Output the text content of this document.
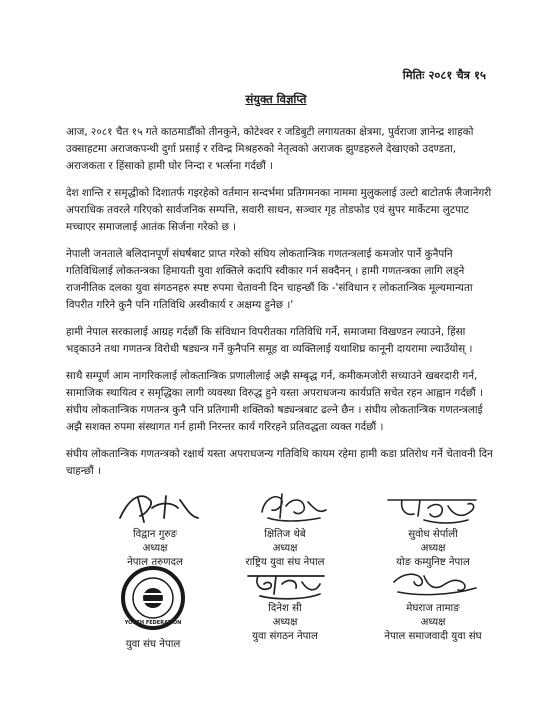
मितिः २०८१ चैत्र १५
संयुक्त विज्ञप्ति

आज, २०८१ चैत १५ गते काठमाडौँको तीनकुने, कोटेश्वर र जडिबुटी लगायतका क्षेत्रमा, पुर्वराजा ज्ञानेन्द्र शाहको उक्साहटमा अराजकपन्थी दुर्गा प्रसाई र रविन्द्र मिश्रहरुको नेतृत्वको अराजक झुण्डहरुले देखाएको उदण्डता, अराजकता र हिंसाको हामी घोर निन्दा र भर्त्सना गर्दछौं ।

देश शान्ति र समृद्धीको दिशातर्फ गइरहेको वर्तमान सन्दर्भमा प्रतिगमनका नाममा मुलुकलाई उल्टो बाटोतर्फ लैजानेगरी अपराधिक तवरले गरिएको सार्वजनिक सम्पत्ति, सवारी साधन, सञ्चार गृह तोडफोड एवं सुपर मार्केटमा लुटपाट मच्चाएर समाजलाई आतंक सिर्जना गरेको छ ।

नेपाली जनताले बलिदानपूर्ण संघर्षबाट प्राप्त गरेको संघिय लोकतान्त्रिक गणतन्त्रलाई कमजोर पार्ने कुनैपनि गतिविधिलाई लोकतन्त्रका हिमायती युवा शक्तिले कदापि स्वीकार गर्न सक्दैनन् । हामी गणतन्त्रका लागि लड्ने राजनीतिक दलका युवा संगठनहरु स्पष्ट रुपमा चेतावनी दिन चाहन्छौं कि -'संविधान र लोकतान्त्रिक मूल्यमान्यता विपरीत गरिने कुनै पनि गतिविधि अस्वीकार्य र अक्षम्य हुनेछ ।'

हामी नेपाल सरकालाई आग्रह गर्दछौं कि संविधान विपरीतका गतिविधि गर्ने, समाजमा विखण्डन ल्याउने, हिंसा भड्काउने तथा गणतन्त्र विरोधी षड्यन्त्र गर्ने कुनैपनि समूह वा व्यक्तिलाई यथाशिघ्र कानूनी दायरामा ल्याउँयोस् ।

साथै सम्पूर्ण आम नागरिकलाई लोकतान्त्रिक प्रणालीलाई अझै सम्बृद्ध गर्न, कमीकमजोरी सच्याउने खबरदारी गर्न, सामाजिक स्थायित्व र समृद्धिका लागी व्यवस्था विरुद्ध हुने यस्ता अपराधजन्य कार्यप्रति सचेत रहन आह्वान गर्दछौं । संघीय लोकतान्त्रिक गणतन्त्र कुनै पनि प्रतिगामी शक्तिको षड्यन्त्रबाट ढल्ने छैन । संघीय लोकतान्त्रिक गणतन्त्रलाई अझै सशक्त रुपमा संस्थागत गर्न हामी निरन्तर कार्य गरिरहने प्रतिवद्धता व्यक्त गर्दछौं ।

संघीय लोकतान्त्रिक गणतन्त्रको रक्षार्थ यस्ता अपराधजन्य गतिविधि कायम रहेमा हामी कडा प्रतिरोध गर्ने चेतावनी दिन चाहन्छौं ।

विद्वान गुरुङ
अध्यक्ष
नेपाल तरुणदल
क्षितिज थेबे
अध्यक्ष
राष्ट्रिय युवा संघ नेपाल
सुवोध सेर्पाली
अध्यक्ष
योङ कम्युनिष्ट नेपाल
YOUTH FEDERATION
युवा संघ नेपाल
दिनेश सी
अध्यक्ष
युवा संगठन नेपाल
मेघराज तामाङ
अध्यक्ष
नेपाल समाजवादी युवा संघ
